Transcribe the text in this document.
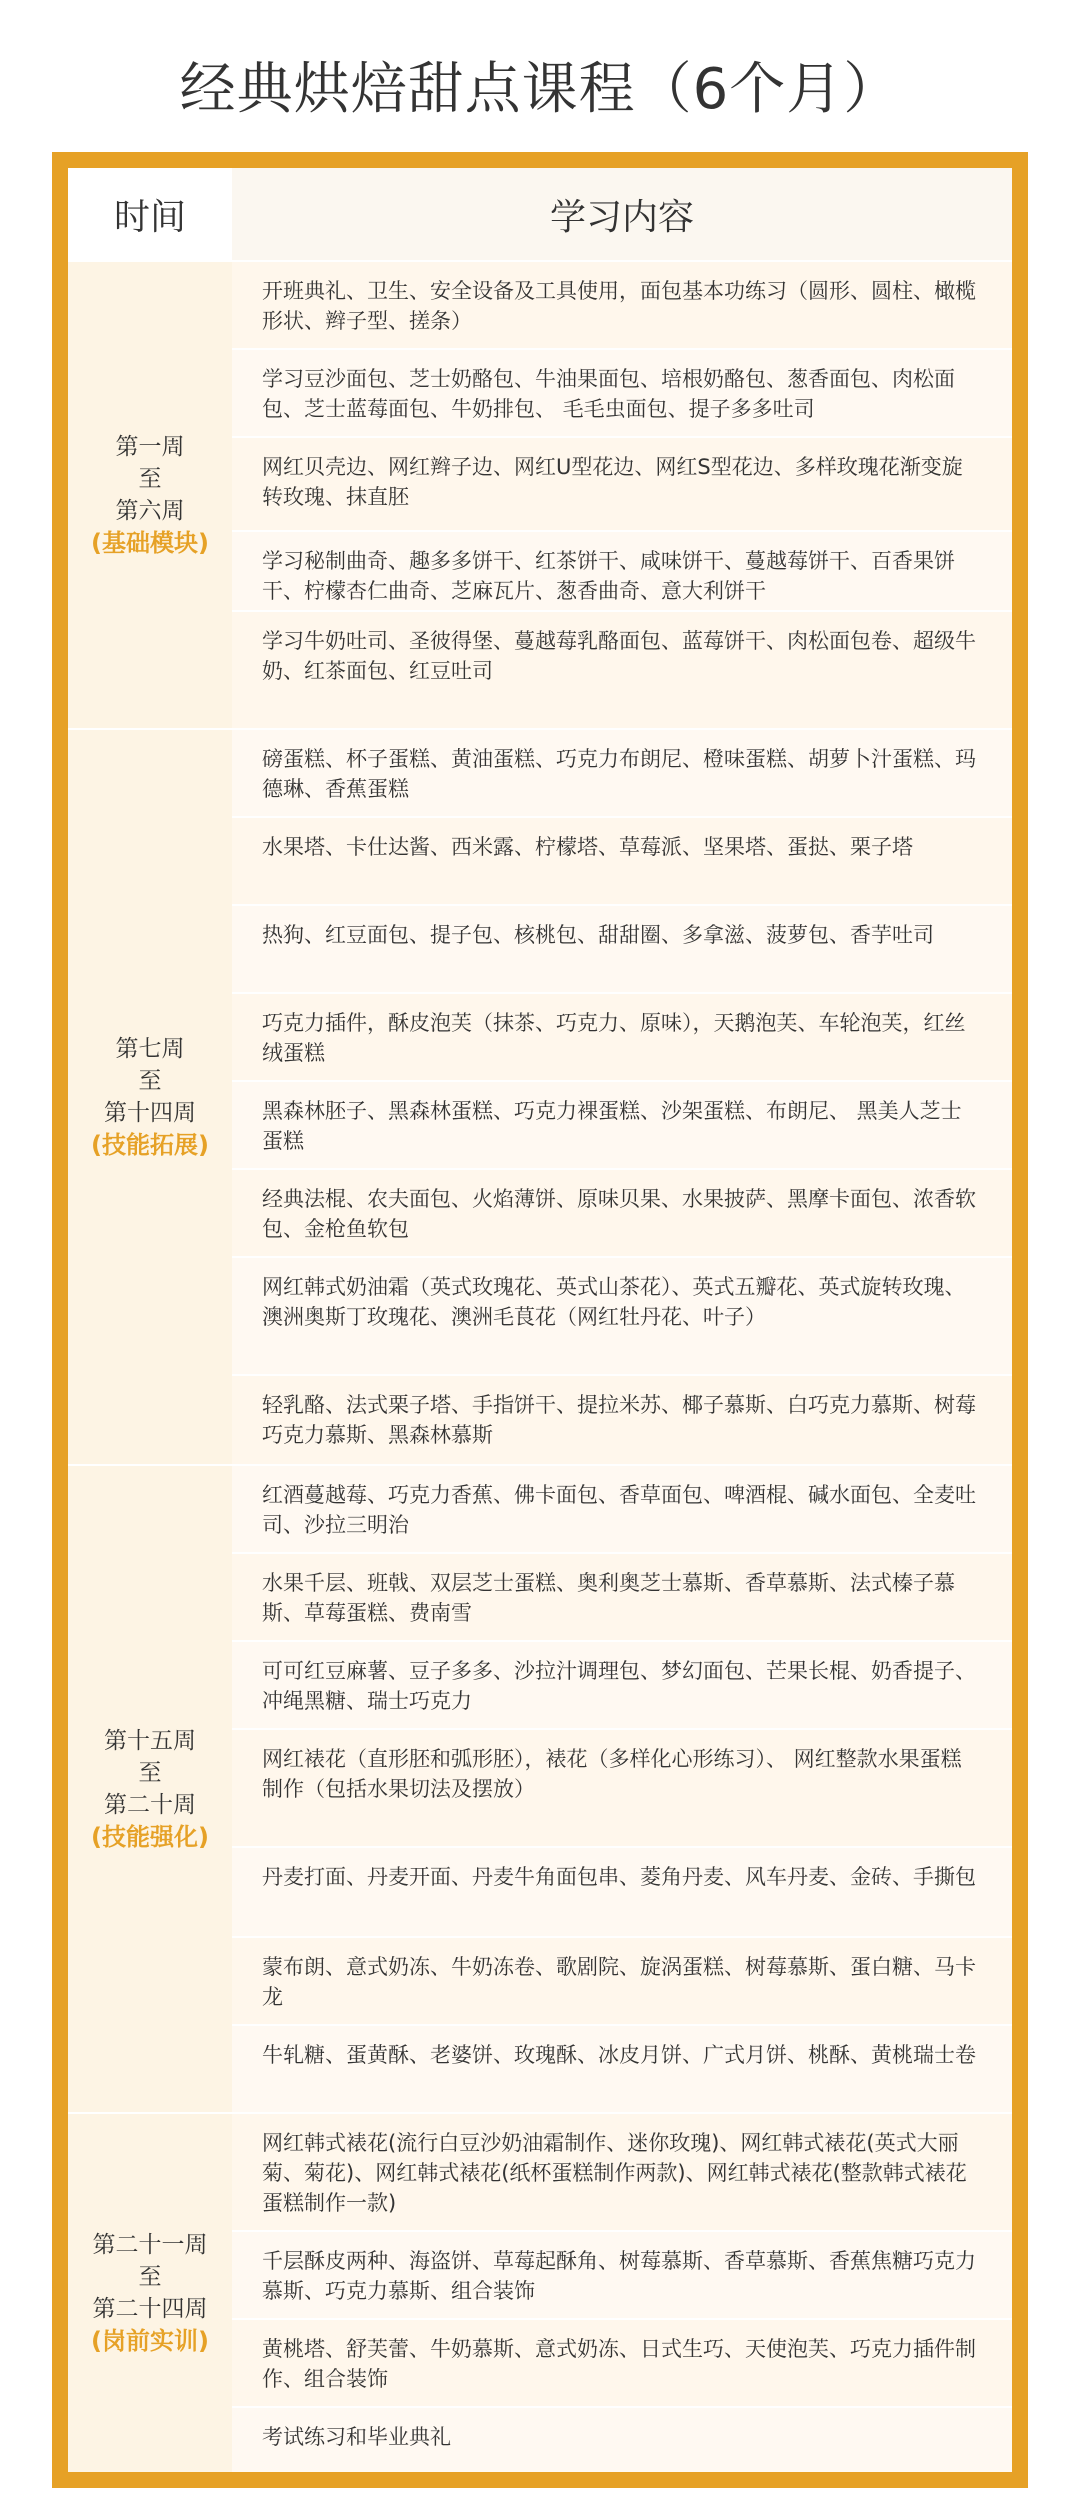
经典烘焙甜点课程（6个月）
时间	学习内容
第一周
至
第六周
(基础模块)
第七周
至
第十四周
(技能拓展)
第十五周
至
第二十周
(技能强化)
第二十一周
至
第二十四周
(岗前实训)
开班典礼、卫生、安全设备及工具使用，面包基本功练习（圆形、圆柱、橄榄形状、辫子型、搓条）
学习豆沙面包、芝士奶酪包、牛油果面包、培根奶酪包、葱香面包、肉松面包、芝士蓝莓面包、牛奶排包、 毛毛虫面包、提子多多吐司
网红贝壳边、网红辫子边、网红U型花边、网红S型花边、多样玫瑰花渐变旋转玫瑰、抹直胚
学习秘制曲奇、趣多多饼干、红茶饼干、咸味饼干、蔓越莓饼干、百香果饼干、柠檬杏仁曲奇、芝麻瓦片、葱香曲奇、意大利饼干
学习牛奶吐司、圣彼得堡、蔓越莓乳酪面包、蓝莓饼干、肉松面包卷、超级牛奶、红茶面包、红豆吐司
磅蛋糕、杯子蛋糕、黄油蛋糕、巧克力布朗尼、橙味蛋糕、胡萝卜汁蛋糕、玛德琳、香蕉蛋糕
水果塔、卡仕达酱、西米露、柠檬塔、草莓派、坚果塔、蛋挞、栗子塔
热狗、红豆面包、提子包、核桃包、甜甜圈、多拿滋、菠萝包、香芋吐司
巧克力插件，酥皮泡芙（抹茶、巧克力、原味），天鹅泡芙、车轮泡芙，红丝绒蛋糕
黑森林胚子、黑森林蛋糕、巧克力裸蛋糕、沙架蛋糕、布朗尼、 黑美人芝士蛋糕
经典法棍、农夫面包、火焰薄饼、原味贝果、水果披萨、黑摩卡面包、浓香软包、金枪鱼软包
网红韩式奶油霜（英式玫瑰花、英式山茶花）、英式五瓣花、英式旋转玫瑰、 澳洲奥斯丁玫瑰花、澳洲毛茛花（网红牡丹花、叶子）
轻乳酪、法式栗子塔、手指饼干、提拉米苏、椰子慕斯、白巧克力慕斯、树莓巧克力慕斯、黑森林慕斯
红酒蔓越莓、巧克力香蕉、佛卡面包、香草面包、啤酒棍、碱水面包、全麦吐司、沙拉三明治
水果千层、班戟、双层芝士蛋糕、奥利奥芝士慕斯、香草慕斯、法式榛子慕斯、草莓蛋糕、费南雪
可可红豆麻薯、豆子多多、沙拉汁调理包、梦幻面包、芒果长棍、奶香提子、冲绳黑糖、瑞士巧克力
网红裱花（直形胚和弧形胚），裱花（多样化心形练习）、 网红整款水果蛋糕制作（包括水果切法及摆放）
丹麦打面、丹麦开面、丹麦牛角面包串、菱角丹麦、风车丹麦、金砖、手撕包
蒙布朗、意式奶冻、牛奶冻卷、歌剧院、旋涡蛋糕、树莓慕斯、蛋白糖、马卡龙
牛轧糖、蛋黄酥、老婆饼、玫瑰酥、冰皮月饼、广式月饼、桃酥、黄桃瑞士卷
网红韩式裱花(流行白豆沙奶油霜制作、迷你玫瑰)、网红韩式裱花(英式大丽菊、菊花)、网红韩式裱花(纸杯蛋糕制作两款)、网红韩式裱花(整款韩式裱花蛋糕制作一款)
千层酥皮两种、海盗饼、草莓起酥角、树莓慕斯、香草慕斯、香蕉焦糖巧克力慕斯、巧克力慕斯、组合装饰
黄桃塔、舒芙蕾、牛奶慕斯、意式奶冻、日式生巧、天使泡芙、巧克力插件制作、组合装饰
考试练习和毕业典礼
